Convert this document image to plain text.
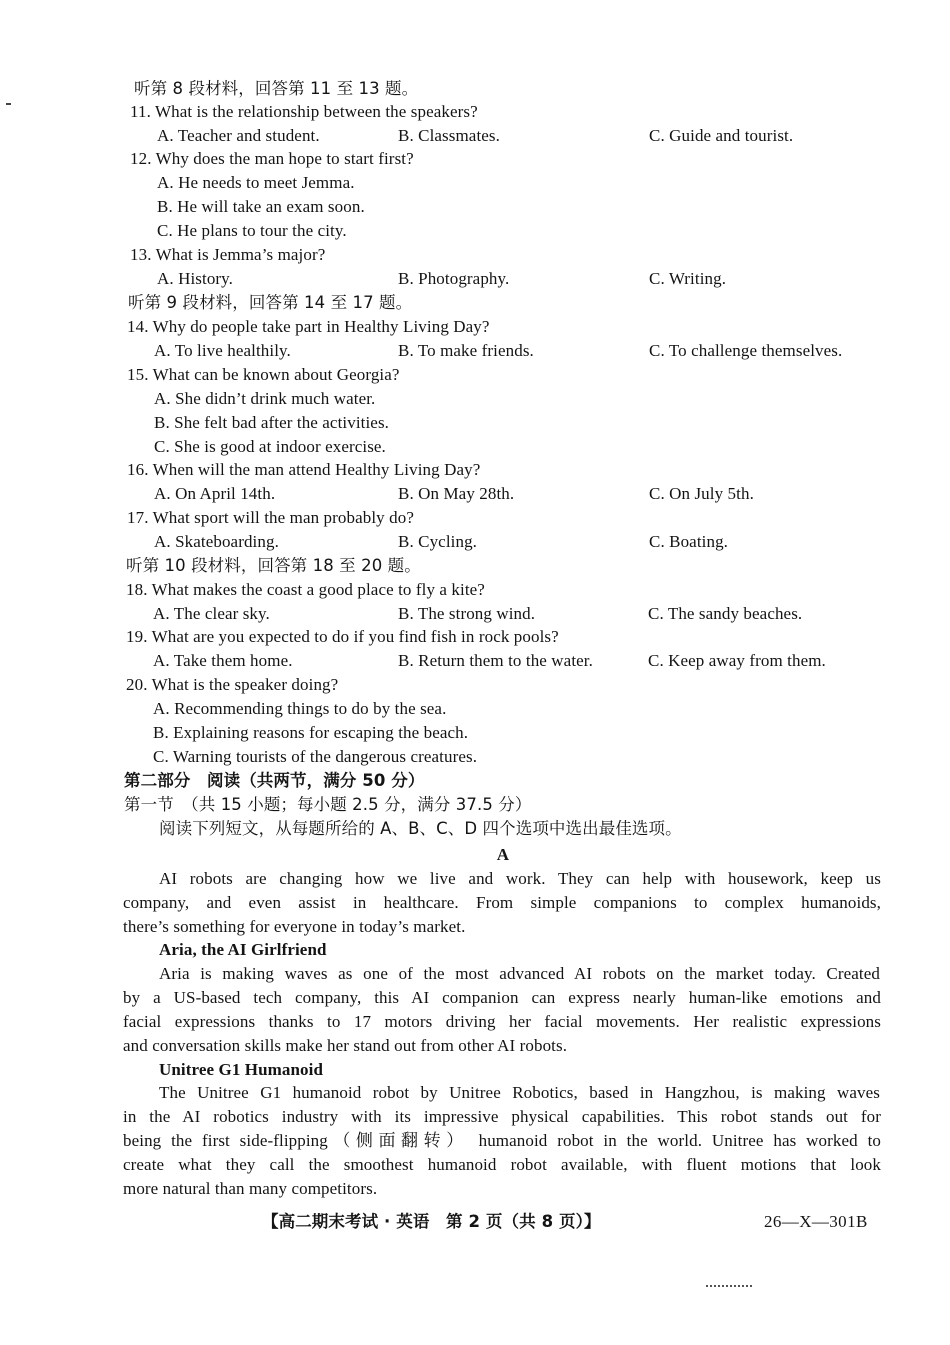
听第 8 段材料，回答第 11 至 13 题。
11. What is the relationship between the speakers?
A. Teacher and student.	B. Classmates.	C. Guide and tourist.
12. Why does the man hope to start first?
A. He needs to meet Jemma.
B. He will take an exam soon.
C. He plans to tour the city.
13. What is Jemma’s major?
A. History.	B. Photography.	C. Writing.
听第 9 段材料，回答第 14 至 17 题。
14. Why do people take part in Healthy Living Day?
A. To live healthily.	B. To make friends.	C. To challenge themselves.
15. What can be known about Georgia?
A. She didn’t drink much water.
B. She felt bad after the activities.
C. She is good at indoor exercise.
16. When will the man attend Healthy Living Day?
A. On April 14th.	B. On May 28th.	C. On July 5th.
17. What sport will the man probably do?
A. Skateboarding.	B. Cycling.	C. Boating.
听第 10 段材料，回答第 18 至 20 题。
18. What makes the coast a good place to fly a kite?
A. The clear sky.	B. The strong wind.	C. The sandy beaches.
19. What are you expected to do if you find fish in rock pools?
A. Take them home.	B. Return them to the water.	C. Keep away from them.
20. What is the speaker doing?
A. Recommending things to do by the sea.
B. Explaining reasons for escaping the beach.
C. Warning tourists of the dangerous creatures.
第二部分　阅读（共两节，满分 50 分）
第一节　（共 15 小题；每小题 2.5 分，满分 37.5 分）
阅读下列短文，从每题所给的 A、B、C、D 四个选项中选出最佳选项。
A
AI robots are changing how we live and work. They can help with housework, keep us
company, and even assist in healthcare. From simple companions to complex humanoids,
there’s something for everyone in today’s market.
Aria, the AI Girlfriend
Aria is making waves as one of the most advanced AI robots on the market today. Created
by a US-based tech company, this AI companion can express nearly human-like emotions and
facial expressions thanks to 17 motors driving her facial movements. Her realistic expressions
and conversation skills make her stand out from other AI robots.
Unitree G1 Humanoid
The Unitree G1 humanoid robot by Unitree Robotics, based in Hangzhou, is making waves
in the AI robotics industry with its impressive physical capabilities. This robot stands out for
being the first side-flipping（侧面翻转） humanoid robot in the world. Unitree has worked to
create what they call the smoothest humanoid robot available, with fluent motions that look
more natural than many competitors.
【高二期末考试 · 英语　第 2 页（共 8 页）】	26—X—301B
